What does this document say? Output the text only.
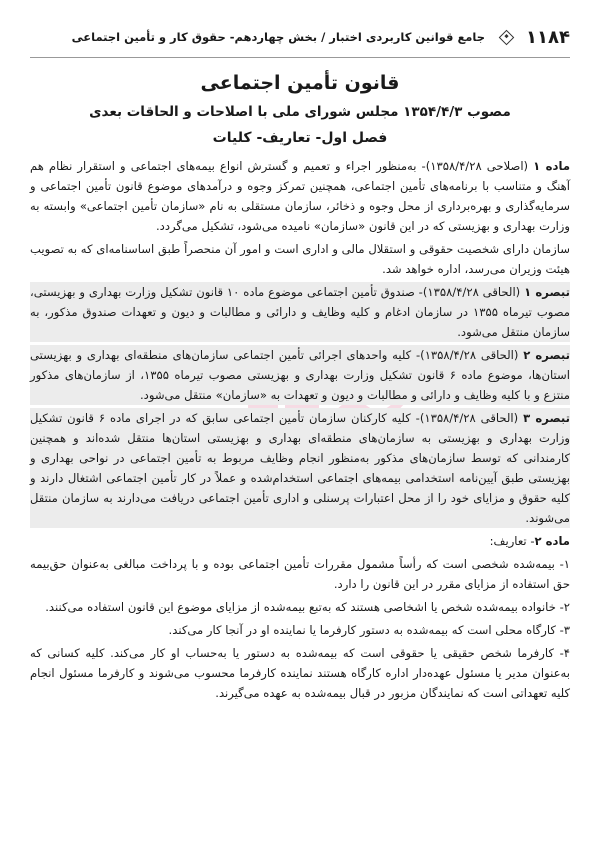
۱۱۸۴
جامع قوانین کاربردی اختبار / بخش چهاردهم- حقوق کار و تأمین اجتماعی
قانون تأمین اجتماعی
مصوب ۱۳۵۴/۴/۳ مجلس شورای ملی با اصلاحات و الحاقات بعدی
فصل اول- تعاریف- کلیات

ماده ۱ (اصلاحی ۱۳۵۸/۴/۲۸)- به‌منظور اجراء و تعمیم و گسترش انواع بیمه‌های اجتماعی و استقرار نظام هم آهنگ و متناسب با برنامه‌های تأمین اجتماعی، همچنین تمرکز وجوه و درآمدهای موضوع قانون تأمین اجتماعی و سرمایه‌گذاری و بهره‌برداری از محل وجوه و ذخائر، سازمان مستقلی به نام «سازمان تأمین اجتماعی» وابسته به وزارت بهداری و بهزیستی که در این قانون «سازمان» نامیده می‌شود، تشکیل می‌گردد.

سازمان دارای شخصیت حقوقی و استقلال مالی و اداری است و امور آن منحصراً طبق اساسنامه‌ای که به تصویب هیئت وزیران می‌رسد، اداره خواهد شد.

تبصره ۱ (الحاقی ۱۳۵۸/۴/۲۸)- صندوق تأمین اجتماعی موضوع ماده ۱۰ قانون تشکیل وزارت بهداری و بهزیستی، مصوب تیرماه ۱۳۵۵ در سازمان ادغام و کلیه وظایف و دارائی و مطالبات و دیون و تعهدات صندوق مذکور، به سازمان منتقل می‌شود.

تبصره ۲ (الحاقی ۱۳۵۸/۴/۲۸)- کلیه واحدهای اجرائی تأمین اجتماعی سازمان‌های منطقه‌ای بهداری و بهزیستی استان‌ها، موضوع ماده ۶ قانون تشکیل وزارت بهداری و بهزیستی مصوب تیرماه ۱۳۵۵، از سازمان‌های مذکور منتزع و با کلیه وظایف و دارائی و مطالبات و دیون و تعهدات به «سازمان» منتقل می‌شود.

تبصره ۳ (الحاقی ۱۳۵۸/۴/۲۸)- کلیه کارکنان سازمان تأمین اجتماعی سابق که در اجرای ماده ۶ قانون تشکیل وزارت بهداری و بهزیستی به سازمان‌های منطقه‌ای بهداری و بهزیستی استان‌ها منتقل شده‌اند و همچنین کارمندانی که توسط سازمان‌های مذکور به‌منظور انجام وظایف مربوط به تأمین اجتماعی در نواحی بهداری و بهزیستی طبق آیین‌نامه استخدامی بیمه‌های اجتماعی استخدام‌شده و عملاً در کار تأمین اجتماعی اشتغال دارند و کلیه حقوق و مزایای خود را از محل اعتبارات پرسنلی و اداری تأمین اجتماعی دریافت می‌دارند به سازمان منتقل می‌شوند.

ماده ۲- تعاریف:

۱- بیمه‌شده شخصی است که رأساً مشمول مقررات تأمین اجتماعی بوده و با پرداخت مبالغی به‌عنوان حق‌بیمه حق استفاده از مزایای مقرر در این قانون را دارد.

۲- خانواده بیمه‌شده شخص یا اشخاصی هستند که به‌تبع بیمه‌شده از مزایای موضوع این قانون استفاده می‌کنند.

۳- کارگاه محلی است که بیمه‌شده به دستور کارفرما یا نماینده او در آنجا کار می‌کند.

۴- کارفرما شخص حقیقی یا حقوقی است که بیمه‌شده به دستور یا به‌حساب او کار می‌کند. کلیه کسانی که به‌عنوان مدیر یا مسئول عهده‌دار اداره کارگاه هستند نماینده کارفرما محسوب می‌شوند و کارفرما مسئول انجام کلیه تعهداتی است که نمایندگان مزبور در قبال بیمه‌شده به عهده می‌گیرند.
